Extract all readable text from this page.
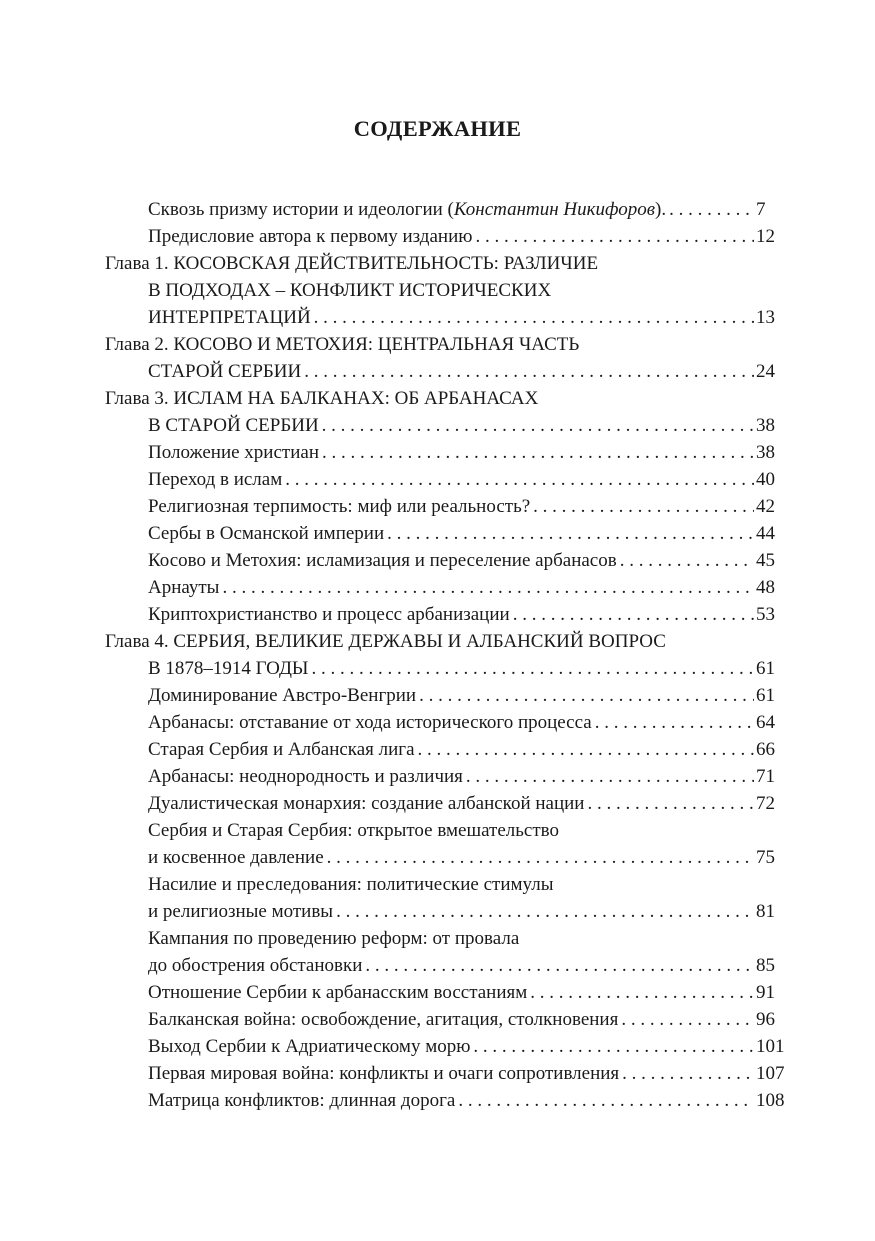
СОДЕРЖАНИЕ
Сквозь призму истории и идеологии (Константин Никифоров). . . .	7
Предисловие автора к первому изданию . . .	12
Глава 1. КОСОВСКАЯ ДЕЙСТВИТЕЛЬНОСТЬ: РАЗЛИЧИЕ
В ПОДХОДАХ – КОНФЛИКТ ИСТОРИЧЕСКИХ
ИНТЕРПРЕТАЦИЙ . . .	13
Глава 2. КОСОВО И МЕТОХИЯ: ЦЕНТРАЛЬНАЯ ЧАСТЬ
СТАРОЙ СЕРБИИ . . .	24
Глава 3. ИСЛАМ НА БАЛКАНАХ: ОБ АРБАНАСАХ
В СТАРОЙ СЕРБИИ . . .	38
Положение христиан . . .	38
Переход в ислам . . .	40
Религиозная терпимость: миф или реальность? . . .	42
Сербы в Османской империи . . .	44
Косово и Метохия: исламизация и переселение арбанасов . . .	45
Арнауты . . .	48
Криптохристианство и процесс арбанизации . . .	53
Глава 4. СЕРБИЯ, ВЕЛИКИЕ ДЕРЖАВЫ И АЛБАНСКИЙ ВОПРОС
В 1878–1914 ГОДЫ . . .	61
Доминирование Австро-Венгрии . . .	61
Арбанасы: отставание от хода исторического процесса . . .	64
Старая Сербия и Албанская лига . . .	66
Арбанасы: неоднородность и различия . . .	71
Дуалистическая монархия: создание албанской нации . . .	72
Сербия и Старая Сербия: открытое вмешательство
и косвенное давление . . .	75
Насилие и преследования: политические стимулы
и религиозные мотивы . . .	81
Кампания по проведению реформ: от провала
до обострения обстановки . . .	85
Отношение Сербии к арбанасским восстаниям . . .	91
Балканская война: освобождение, агитация, столкновения . . .	96
Выход Сербии к Адриатическому морю . . .	101
Первая мировая война: конфликты и очаги сопротивления . . .	107
Матрица конфликтов: длинная дорога . . .	108
